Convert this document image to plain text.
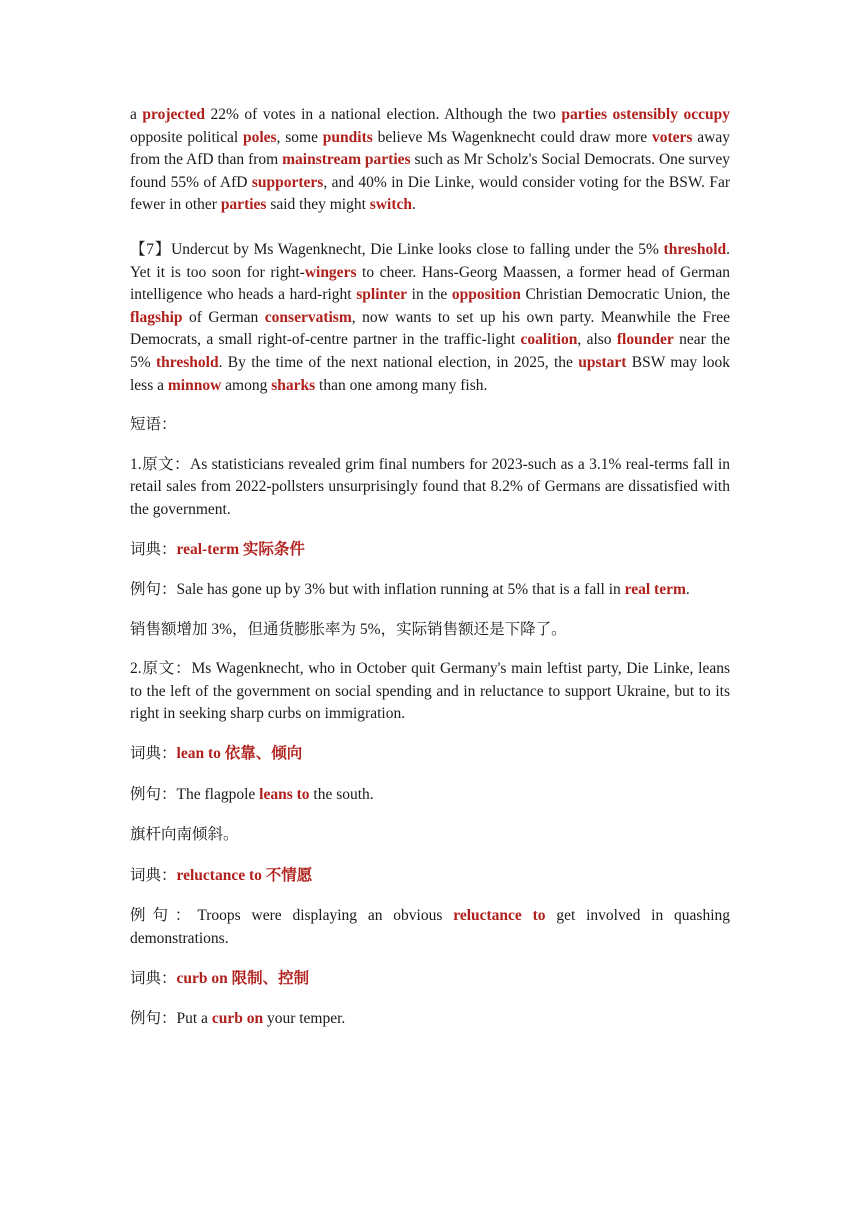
a projected 22% of votes in a national election. Although the two parties ostensibly occupy opposite political poles, some pundits believe Ms Wagenknecht could draw more voters away from the AfD than from mainstream parties such as Mr Scholz's Social Democrats. One survey found 55% of AfD supporters, and 40% in Die Linke, would consider voting for the BSW. Far fewer in other parties said they might switch.

【7】Undercut by Ms Wagenknecht, Die Linke looks close to falling under the 5% threshold. Yet it is too soon for right-wingers to cheer. Hans-Georg Maassen, a former head of German intelligence who heads a hard-right splinter in the opposition Christian Democratic Union, the flagship of German conservatism, now wants to set up his own party. Meanwhile the Free Democrats, a small right-of-centre partner in the traffic-light coalition, also flounder near the 5% threshold. By the time of the next national election, in 2025, the upstart BSW may look less a minnow among sharks than one among many fish.

短语：

1.原文：As statisticians revealed grim final numbers for 2023-such as a 3.1% real-terms fall in retail sales from 2022-pollsters unsurprisingly found that 8.2% of Germans are dissatisfied with the government.

词典：real-term 实际条件

例句：Sale has gone up by 3% but with inflation running at 5% that is a fall in real term.

销售额增加 3%，但通货膨胀率为 5%，实际销售额还是下降了。

2.原文：Ms Wagenknecht, who in October quit Germany's main leftist party, Die Linke, leans to the left of the government on social spending and in reluctance to support Ukraine, but to its right in seeking sharp curbs on immigration.

词典：lean to 依靠、倾向

例句：The flagpole leans to the south.

旗杆向南倾斜。

词典：reluctance to 不情愿

例句：Troops were displaying an obvious reluctance to get involved in quashing demonstrations.

词典：curb on 限制、控制

例句：Put a curb on your temper.
